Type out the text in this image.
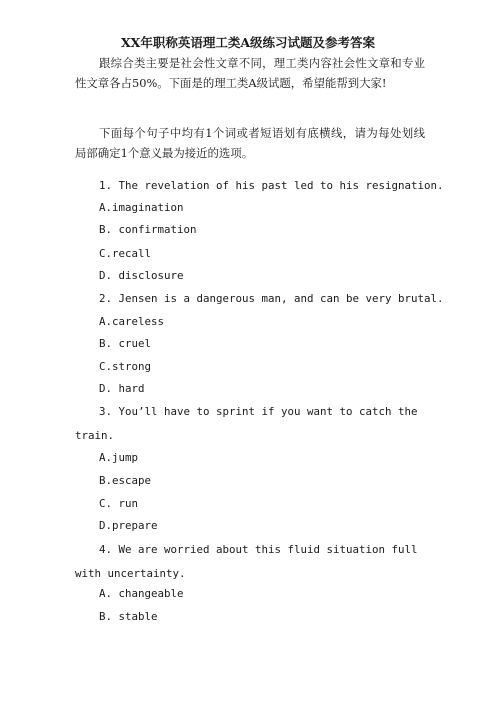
XX年职称英语理工类A级练习试题及参考答案
跟综合类主要是社会性文章不同，理工类内容社会性文章和专业性文章各占50%。下面是的理工类A级试题，希望能帮到大家!
下面每个句子中均有1个词或者短语划有底横线，请为每处划线局部确定1个意义最为接近的选项。
1. The revelation of his past led to his resignation.
A.imagination
B. confirmation
C.recall
D. disclosure
2. Jensen is a dangerous man, and can be very brutal.
A.careless
B. cruel
C.strong
D. hard
3. You’ll have to sprint if you want to catch the train.
A.jump
B.escape
C. run
D.prepare
4. We are worried about this fluid situation full with uncertainty.
A. changeable
B. stable
